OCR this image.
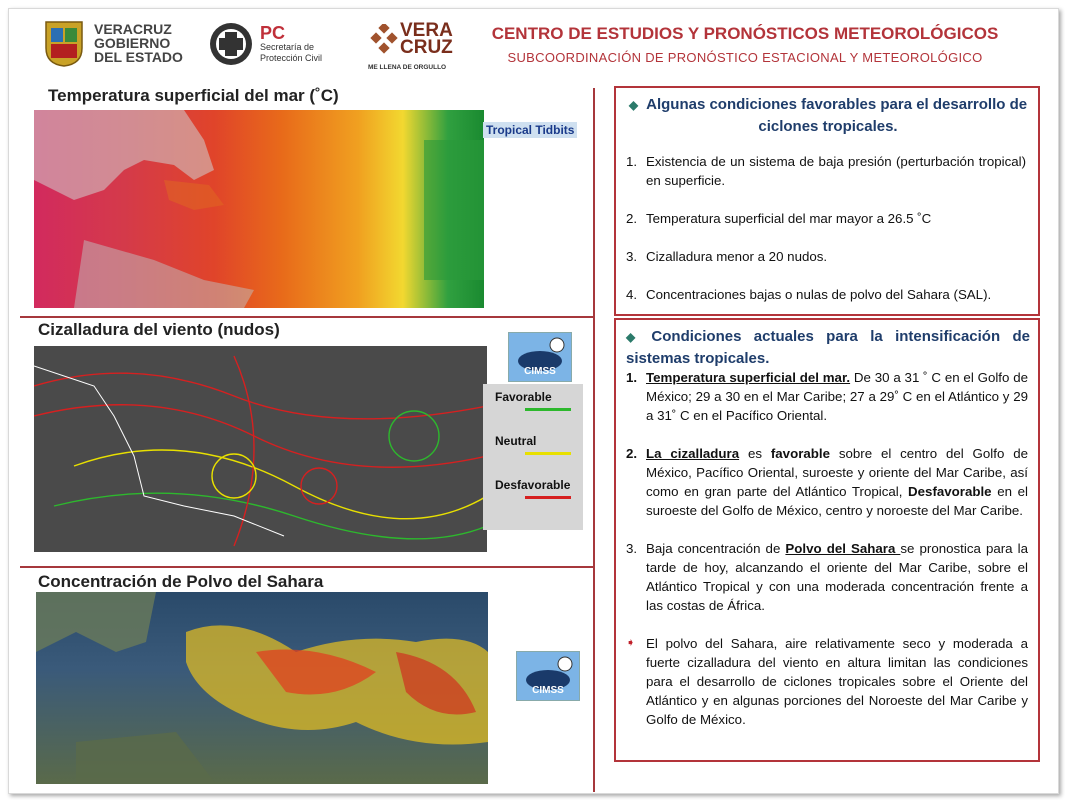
VERACRUZ
GOBIERNO
DEL ESTADO
PC
Secretaría de
Protección Civil
VERA
CRUZ
ME LLENA DE ORGULLO
CENTRO DE ESTUDIOS Y PRONÓSTICOS METEOROLÓGICOS
SUBCOORDINACIÓN DE PRONÓSTICO ESTACIONAL Y METEOROLÓGICO
Temperatura superficial del mar (˚C)
Tropical Tidbits
Cizalladura del viento (nudos)
CIMSS
Favorable
Neutral
Desfavorable
Concentración de Polvo del Sahara
CIMSS
◆ Algunas condiciones favorables para el desarrollo de ciclones tropicales.
1. Existencia de un sistema de baja presión (perturbación tropical) en superficie.
2. Temperatura superficial del mar mayor a 26.5 ˚C
3. Cizalladura menor a 20 nudos.
4. Concentraciones bajas o nulas de polvo del Sahara (SAL).
◆ Condiciones actuales para la intensificación de sistemas tropicales.
1. Temperatura superficial del mar. De 30 a 31 ˚ C en el Golfo de México; 29 a 30 en el Mar Caribe; 27 a 29˚ C en el Atlántico y 29 a 31˚ C en el Pacífico Oriental.
2. La cizalladura es favorable sobre el centro del Golfo de México, Pacífico Oriental, suroeste y oriente del Mar Caribe, así como en gran parte del Atlántico Tropical, Desfavorable en el suroeste del Golfo de México, centro y noroeste del Mar Caribe.
3. Baja concentración de Polvo del Sahara se pronostica para la tarde de hoy, alcanzando el oriente del Mar Caribe, sobre el Atlántico Tropical y con una moderada concentración frente a las costas de África.
➧ El polvo del Sahara, aire relativamente seco y moderada a fuerte cizalladura del viento en altura limitan las condiciones para el desarrollo de ciclones tropicales sobre el Oriente del Atlántico y en algunas porciones del Noroeste del Mar Caribe y Golfo de México.
